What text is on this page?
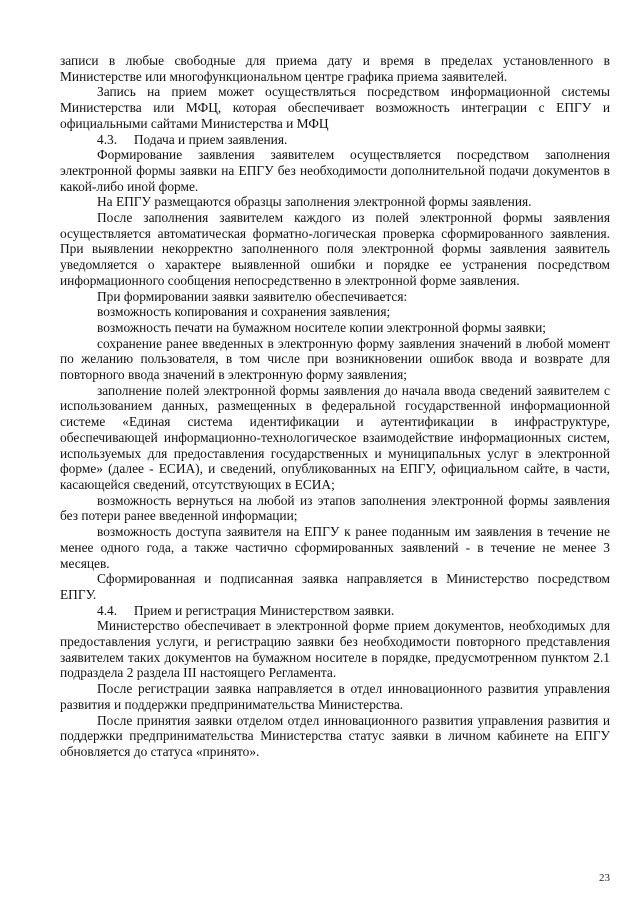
записи в любые свободные для приема дату и время в пределах установленного в Министерстве или многофункциональном центре графика приема заявителей.

Запись на прием может осуществляться посредством информационной системы Министерства или МФЦ, которая обеспечивает возможность интеграции с ЕПГУ и официальными сайтами Министерства и МФЦ

4.3.     Подача и прием заявления.

Формирование заявления заявителем осуществляется посредством заполнения электронной формы заявки на ЕПГУ без необходимости дополнительной подачи документов в какой-либо иной форме.

На ЕПГУ размещаются образцы заполнения электронной формы заявления.

После заполнения заявителем каждого из полей электронной формы заявления осуществляется автоматическая форматно-логическая проверка сформированного заявления. При выявлении некорректно заполненного поля электронной формы заявления заявитель уведомляется о характере выявленной ошибки и порядке ее устранения посредством информационного сообщения непосредственно в электронной форме заявления.

При формировании заявки заявителю обеспечивается:

возможность копирования и сохранения заявления;

возможность печати на бумажном носителе копии электронной формы заявки;

сохранение ранее введенных в электронную форму заявления значений в любой момент по желанию пользователя, в том числе при возникновении ошибок ввода и возврате для повторного ввода значений в электронную форму заявления;

заполнение полей электронной формы заявления до начала ввода сведений заявителем с использованием данных, размещенных в федеральной государственной информационной системе «Единая система идентификации и аутентификации в инфраструктуре, обеспечивающей информационно-технологическое взаимодействие информационных систем, используемых для предоставления государственных и муниципальных услуг в электронной форме» (далее - ЕСИА), и сведений, опубликованных на ЕПГУ, официальном сайте, в части, касающейся сведений, отсутствующих в ЕСИА;

возможность вернуться на любой из этапов заполнения электронной формы заявления без потери ранее введенной информации;

возможность доступа заявителя на ЕПГУ к ранее поданным им заявления в течение не менее одного года, а также частично сформированных заявлений - в течение не менее 3 месяцев.

Сформированная и подписанная заявка направляется в Министерство посредством ЕПГУ.

4.4.     Прием и регистрация Министерством заявки.

Министерство обеспечивает в электронной форме прием документов, необходимых для предоставления услуги, и регистрацию заявки без необходимости повторного представления заявителем таких документов на бумажном носителе в порядке, предусмотренном пунктом 2.1 подраздела 2 раздела III настоящего Регламента.

После регистрации заявка направляется в отдел инновационного развития управления развития и поддержки предпринимательства Министерства.

После принятия заявки отделом отдел инновационного развития управления развития и поддержки предпринимательства Министерства статус заявки в личном кабинете на ЕПГУ обновляется до статуса «принято».

23
